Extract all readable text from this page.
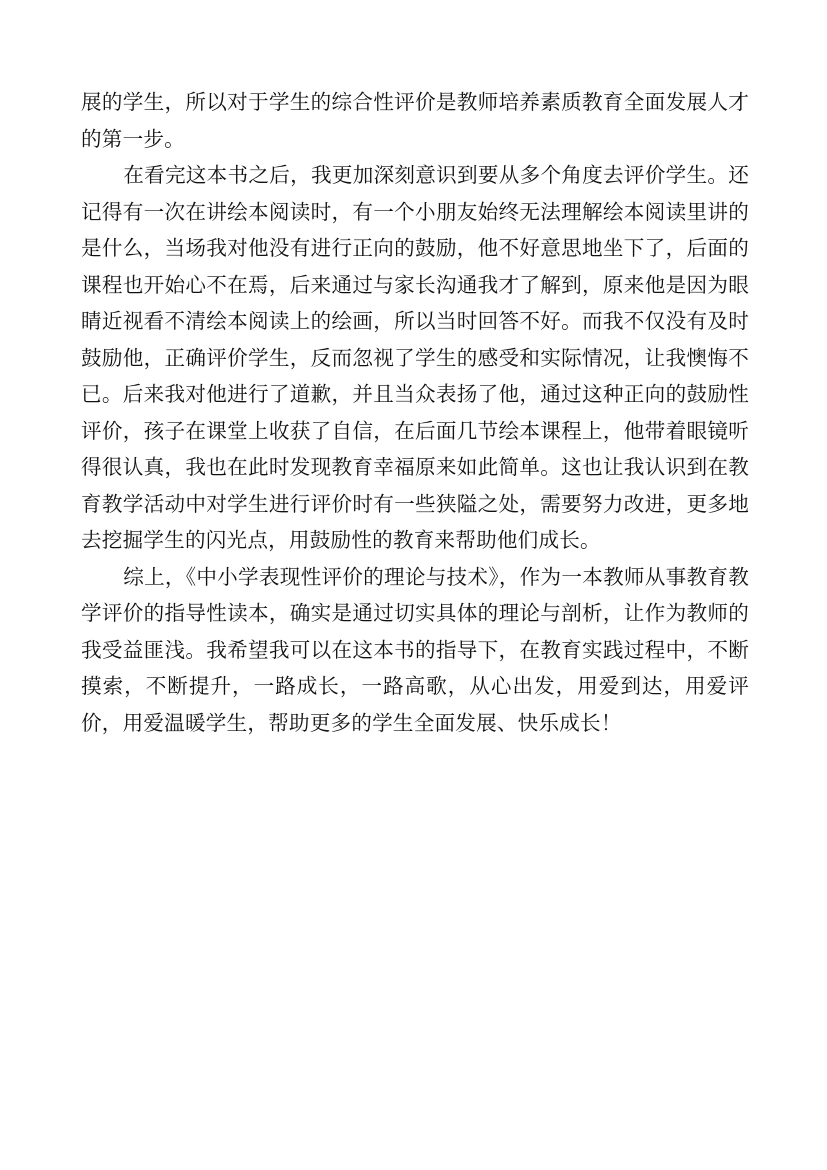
展的学生，所以对于学生的综合性评价是教师培养素质教育全面发展人才的第一步。

在看完这本书之后，我更加深刻意识到要从多个角度去评价学生。还记得有一次在讲绘本阅读时，有一个小朋友始终无法理解绘本阅读里讲的是什么，当场我对他没有进行正向的鼓励，他不好意思地坐下了，后面的课程也开始心不在焉，后来通过与家长沟通我才了解到，原来他是因为眼睛近视看不清绘本阅读上的绘画，所以当时回答不好。而我不仅没有及时鼓励他，正确评价学生，反而忽视了学生的感受和实际情况，让我懊悔不已。后来我对他进行了道歉，并且当众表扬了他，通过这种正向的鼓励性评价，孩子在课堂上收获了自信，在后面几节绘本课程上，他带着眼镜听得很认真，我也在此时发现教育幸福原来如此简单。这也让我认识到在教育教学活动中对学生进行评价时有一些狭隘之处，需要努力改进，更多地去挖掘学生的闪光点，用鼓励性的教育来帮助他们成长。

综上，《中小学表现性评价的理论与技术》，作为一本教师从事教育教学评价的指导性读本，确实是通过切实具体的理论与剖析，让作为教师的我受益匪浅。我希望我可以在这本书的指导下，在教育实践过程中，不断摸索，不断提升，一路成长，一路高歌，从心出发，用爱到达，用爱评价，用爱温暖学生，帮助更多的学生全面发展、快乐成长！
